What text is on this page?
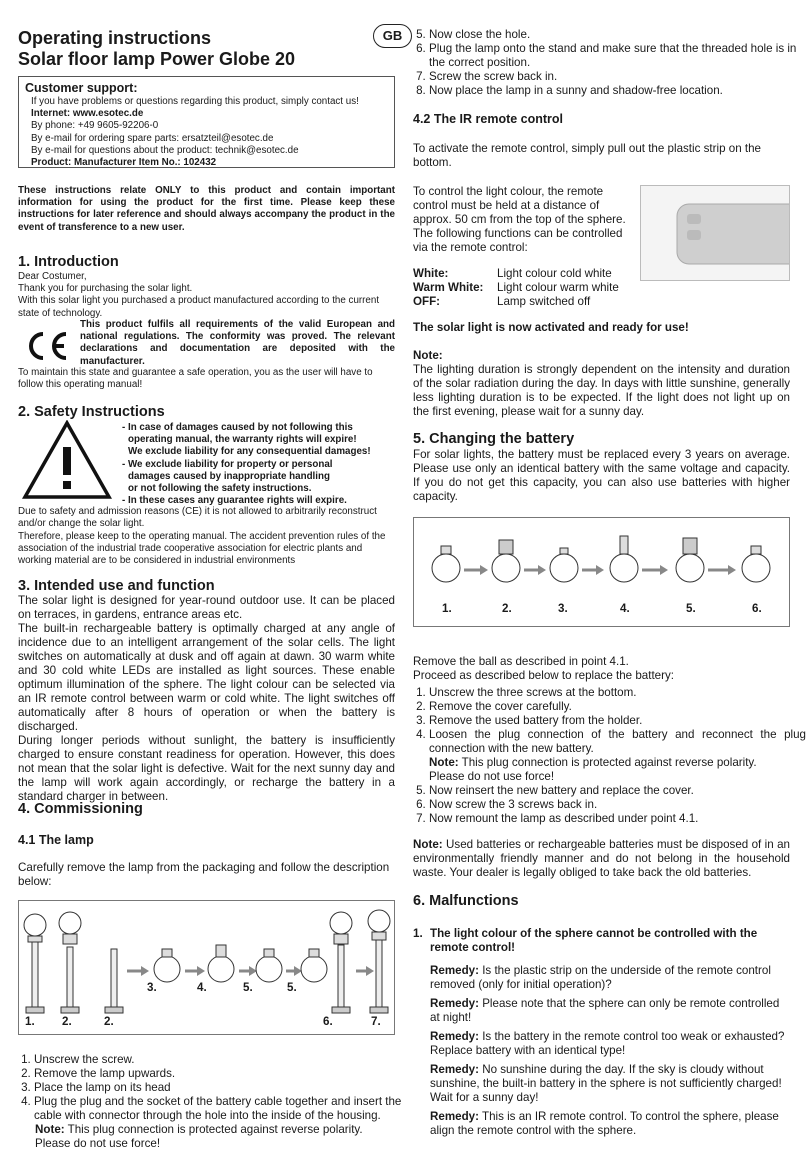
Operating instructions
Solar floor lamp Power Globe 20
GB
Customer support:
If you have problems or questions regarding this product, simply contact us!
Internet: www.esotec.de
By phone: +49 9605-92206-0
By e-mail for ordering spare parts: ersatzteil@esotec.de
By e-mail for questions about the product: technik@esotec.de
Product: Manufacturer Item No.: 102432

These instructions relate ONLY to this product and contain important information for using the product for the first time. Please keep these instructions for later reference and should always accompany the product in the event of transference to a new user.

1. Introduction

Dear Costumer,

Thank you for purchasing the solar light.

With this solar light you purchased a product manufactured according to the current state of technology.

This product fulfils all requirements of the valid European and national regulations. The conformity was proved. The relevant declarations and documentation are deposited with the manufacturer.

To maintain this state and guarantee a safe operation, you as the user will have to follow this operating manual!

2. Safety Instructions

- In case of damages caused by not following this

operating manual, the warranty rights will expire!

We exclude liability for any consequential damages!

- We exclude liability for property or personal

damages caused by inappropriate handling

or not following the safety instructions.

- In these cases any guarantee rights will expire.

Due to safety and admission reasons (CE) it is not allowed to arbitrarily reconstruct and/or change the solar light.

Therefore, please keep to the operating manual. The accident prevention rules of the association of the industrial trade cooperative association for electric plants and working material are to be considered in industrial environments

3. Intended use and function

The solar light is designed for year-round outdoor use. It can be placed on terraces, in gardens, entrance areas etc.

The built-in rechargeable battery is optimally charged at any angle of incidence due to an intelligent arrangement of the solar cells. The light switches on automatically at dusk and off again at dawn. 30 warm white and 30 cold white LEDs are installed as light sources. These enable optimum illumination of the sphere. The light colour can be selected via an IR remote control between warm or cold white. The light switches off automatically after 8 hours of operation or when the battery is discharged.

During longer periods without sunlight, the battery is insufficiently charged to ensure constant readiness for operation. However, this does not mean that the solar light is defective. Wait for the next sunny day and the lamp will work again accordingly, or recharge the battery in a standard charger in between.

4. Commissioning
4.1 The lamp

Carefully remove the lamp from the packaging and follow the description below:

1. 2.	2.
3.	4.	5.	5.
6.	7.
1. Unscrew the screw.
2. Remove the lamp upwards.
3. Place the lamp on its head
4. Plug the plug and the socket of the battery cable together and insert the cable with connector through the hole into the inside of the housing.

Note: This plug connection is protected against reverse polarity. Please do not use force!

5. Now close the hole.
6. Plug the lamp onto the stand and make sure that the threaded hole is in the correct position.
7. Screw the screw back in.
8. Now place the lamp in a sunny and shadow-free location.
4.2 The IR remote control

To activate the remote control, simply pull out the plastic strip on the bottom.

To control the light colour, the remote control must be held at a distance of approx. 50 cm from the top of the sphere. The following functions can be controlled via the remote control:

White:	Light colour cold white
Warm White:	Light colour warm white
OFF:	Lamp switched off

The solar light is now activated and ready for use!

Note:

The lighting duration is strongly dependent on the intensity and duration of the solar radiation during the day. In days with little sunshine, generally less lighting duration is to be expected. If the light does not light up on the first evening, please wait for a sunny day.

5. Changing the battery

For solar lights, the battery must be replaced every 3 years on average. Please use only an identical battery with the same voltage and capacity. If you do not get this capacity, you can also use batteries with higher capacity.

1.	2.	3.	4.	5.	6.

Remove the ball as described in point 4.1.

Proceed as described below to replace the battery:

1. Unscrew the three screws at the bottom.
2. Remove the cover carefully.
3. Remove the used battery from the holder.
4. Loosen the plug connection of the battery and reconnect the plug connection with the new battery.

Note: This plug connection is protected against reverse polarity. Please do not use force!

5. Now reinsert the new battery and replace the cover.
6. Now screw the 3 screws back in.
7. Now remount the lamp as described under point 4.1.

Note: Used batteries or rechargeable batteries must be disposed of in an environmentally friendly manner and do not belong in the household waste. Your dealer is legally obliged to take back the old batteries.

6. Malfunctions

1. The light colour of the sphere cannot be controlled with the remote control!

Remedy: Is the plastic strip on the underside of the remote control removed (only for initial operation)?

Remedy: Please note that the sphere can only be remote controlled at night!

Remedy: Is the battery in the remote control too weak or exhausted? Replace battery with an identical type!

Remedy: No sunshine during the day. If the sky is cloudy without sunshine, the built-in battery in the sphere is not sufficiently charged! Wait for a sunny day!

Remedy: This is an IR remote control. To control the sphere, please align the remote control with the sphere.
